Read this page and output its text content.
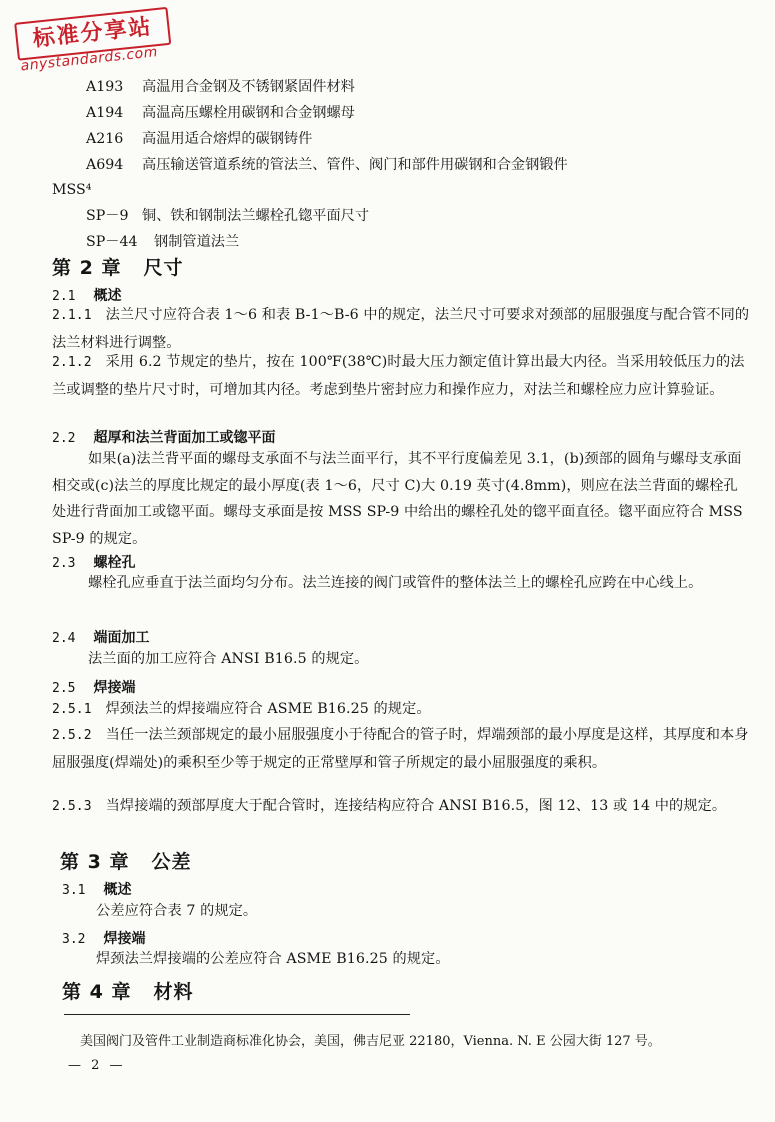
标准分享站
anystandards.com
A193 高温用合金钢及不锈钢紧固件材料
A194 高温高压螺栓用碳钢和合金钢螺母
A216 高温用适合熔焊的碳钢铸件
A694 高压输送管道系统的管法兰、管件、阀门和部件用碳钢和合金钢锻件
MSS⁴
SP－9 铜、铁和钢制法兰螺栓孔锪平面尺寸
SP－44 钢制管道法兰
第 2 章 尺寸
2.1 概述
2.1.1 法兰尺寸应符合表 1～6 和表 B-1～B-6 中的规定，法兰尺寸可要求对颈部的屈服强度与配合管不同的法兰材料进行调整。
2.1.2 采用 6.2 节规定的垫片，按在 100℉(38℃)时最大压力额定值计算出最大内径。当采用较低压力的法兰或调整的垫片尺寸时，可增加其内径。考虑到垫片密封应力和操作应力，对法兰和螺栓应力应计算验证。
2.2 超厚和法兰背面加工或锪平面
如果(a)法兰背平面的螺母支承面不与法兰面平行，其不平行度偏差见 3.1，(b)颈部的圆角与螺母支承面相交或(c)法兰的厚度比规定的最小厚度(表 1～6，尺寸 C)大 0.19 英寸(4.8mm)，则应在法兰背面的螺栓孔处进行背面加工或锪平面。螺母支承面是按 MSS SP-9 中给出的螺栓孔处的锪平面直径。锪平面应符合 MSS SP-9 的规定。
2.3 螺栓孔
螺栓孔应垂直于法兰面均匀分布。法兰连接的阀门或管件的整体法兰上的螺栓孔应跨在中心线上。
2.4 端面加工
法兰面的加工应符合 ANSI B16.5 的规定。
2.5 焊接端
2.5.1 焊颈法兰的焊接端应符合 ASME B16.25 的规定。
2.5.2 当任一法兰颈部规定的最小屈服强度小于待配合的管子时，焊端颈部的最小厚度是这样，其厚度和本身屈服强度(焊端处)的乘积至少等于规定的正常壁厚和管子所规定的最小屈服强度的乘积。
2.5.3 当焊接端的颈部厚度大于配合管时，连接结构应符合 ANSI B16.5，图 12、13 或 14 中的规定。
第 3 章 公差
3.1 概述
公差应符合表 7 的规定。
3.2 焊接端
焊颈法兰焊接端的公差应符合 ASME B16.25 的规定。
第 4 章 材料
美国阀门及管件工业制造商标准化协会，美国，佛吉尼亚 22180，Vienna. N. E 公园大街 127 号。
— 2 —
